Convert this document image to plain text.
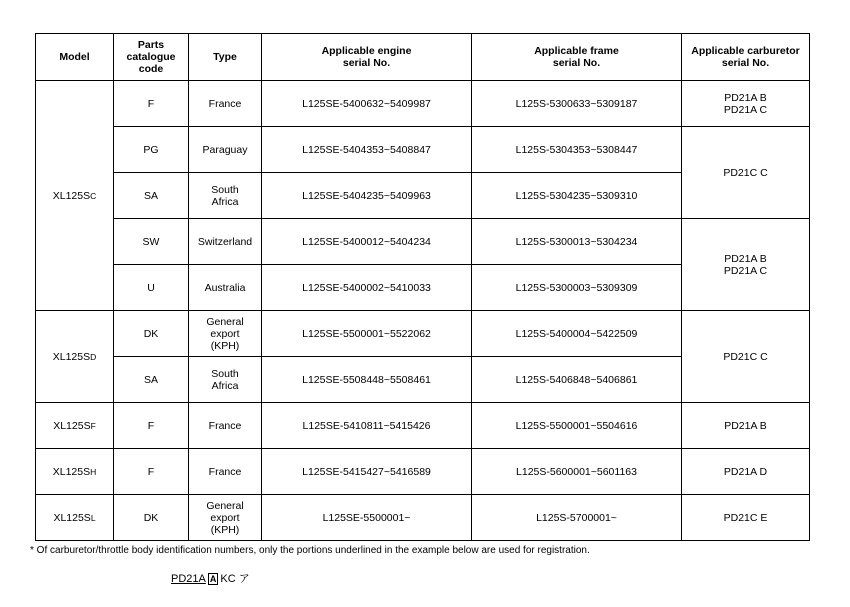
Model	Parts
catalogue
code	Type	Applicable engine
serial No.	Applicable frame
serial No.	Applicable carburetor
serial No.
XL125SC	F	France	L125SE-5400632~5409987	L125S-5300633~5309187	PD21A B
PD21A C
	PG	Paraguay	L125SE-5404353~5408847	L125S-5304353~5308447	PD21C C
	SA	South
Africa	L125SE-5404235~5409963	L125S-5304235~5309310	
	SW	Switzerland	L125SE-5400012~5404234	L125S-5300013~5304234	PD21A B
PD21A C
	U	Australia	L125SE-5400002~5410033	L125S-5300003~5309309	
XL125SD	DK	General
export
(KPH)	L125SE-5500001~5522062	L125S-5400004~5422509	PD21C C
	SA	South
Africa	L125SE-5508448~5508461	L125S-5406848~5406861	
XL125SF	F	France	L125SE-5410811~5415426	L125S-5500001~5504616	PD21A B
XL125SH	F	France	L125SE-5415427~5416589	L125S-5600001~5601163	PD21A D
XL125SL	DK	General
export
(KPH)	L125SE-5500001~	L125S-5700001~	PD21C E
* Of carburetor/throttle body identification numbers, only the portions underlined in the example below are used for registration.
PD21A A KC ア
